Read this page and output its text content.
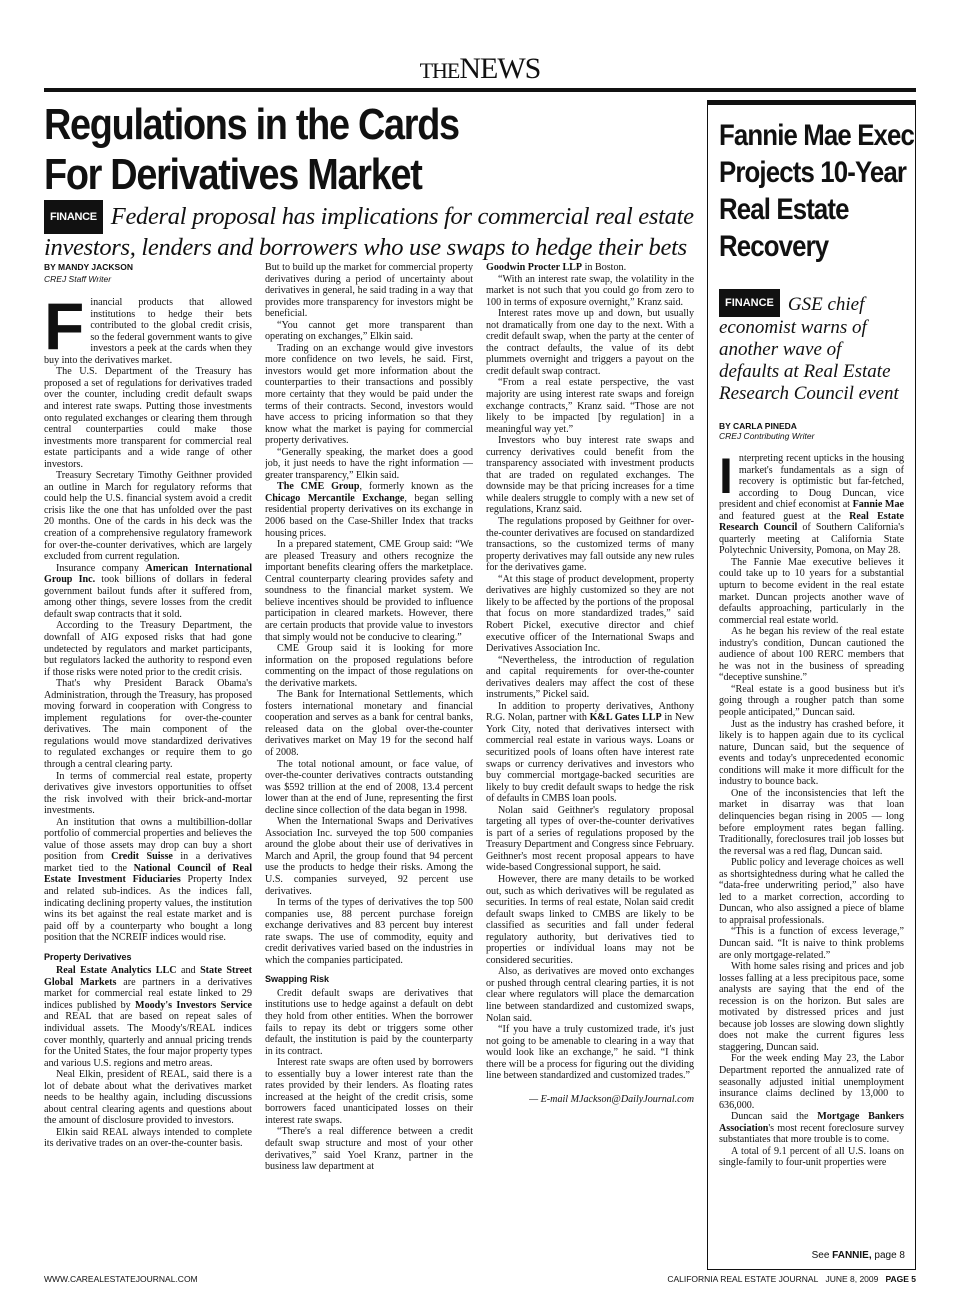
THENEWS
Regulations in the Cards
For Derivatives Market
FINANCE Federal proposal has implications for commercial real estate investors, lenders and borrowers who use swaps to hedge their bets
BY MANDY JACKSON
CREJ Staff Writer

Financial products that allowed institutions to hedge their bets contributed to the global credit crisis, so the federal government wants to give investors a peek at the cards when they buy into the derivatives market.

The U.S. Department of the Treasury has proposed a set of regulations for derivatives traded over the counter, including credit default swaps and interest rate swaps. Putting those investments onto regulated exchanges or clearing them through central counterparties could make those investments more transparent for commercial real estate participants and a wide range of other investors.

Treasury Secretary Timothy Geithner provided an outline in March for regulatory reforms that could help the U.S. financial system avoid a credit crisis like the one that has unfolded over the past 20 months. One of the cards in his deck was the creation of a comprehensive regulatory framework for over-the-counter derivatives, which are largely excluded from current regulation.

Insurance company American International Group Inc. took billions of dollars in federal government bailout funds after it suffered from, among other things, severe losses from the credit default swap contracts that it sold.

According to the Treasury Department, the downfall of AIG exposed risks that had gone undetected by regulators and market participants, but regulators lacked the authority to respond even if those risks were noted prior to the credit crisis.

That's why President Barack Obama's Administration, through the Treasury, has proposed moving forward in cooperation with Congress to implement regulations for over-the-counter derivatives. The main component of the regulations would move standardized derivatives to regulated exchanges or require them to go through a central clearing party.

In terms of commercial real estate, property derivatives give investors opportunities to offset the risk involved with their brick-and-mortar investments.

An institution that owns a multibillion-dollar portfolio of commercial properties and believes the value of those assets may drop can buy a short position from Credit Suisse in a derivatives market tied to the National Council of Real Estate Investment Fiduciaries Property Index and related sub-indices. As the indices fall, indicating declining property values, the institution wins its bet against the real estate market and is paid off by a counterparty who bought a long position that the NCREIF indices would rise.

Property Derivatives

Real Estate Analytics LLC and State Street Global Markets are partners in a derivatives market for commercial real estate linked to 29 indices published by Moody's Investors Service and REAL that are based on repeat sales of individual assets. The Moody's/REAL indices cover monthly, quarterly and annual pricing trends for the United States, the four major property types and various U.S. regions and metro areas.

Neal Elkin, president of REAL, said there is a lot of debate about what the derivatives market needs to be healthy again, including discussions about central clearing agents and questions about the amount of disclosure provided to investors.

Elkin said REAL always intended to complete its derivative trades on an over-the-counter basis.

But to build up the market for commercial property derivatives during a period of uncertainty about derivatives in general, he said trading in a way that provides more transparency for investors might be beneficial.

“You cannot get more transparent than operating on exchanges,” Elkin said.

Trading on an exchange would give investors more confidence on two levels, he said. First, investors would get more information about the counterparties to their transactions and possibly more certainty that they would be paid under the terms of their contracts. Second, investors would have access to pricing information so that they know what the market is paying for commercial property derivatives.

“Generally speaking, the market does a good job, it just needs to have the right information — greater transparency,” Elkin said.

The CME Group, formerly known as the Chicago Mercantile Exchange, began selling residential property derivatives on its exchange in 2006 based on the Case-Shiller Index that tracks housing prices.

In a prepared statement, CME Group said: “We are pleased Treasury and others recognize the important benefits clearing offers the marketplace. Central counterparty clearing provides safety and soundness to the financial market system. We believe incentives should be provided to influence participation in cleared markets. However, there are certain products that provide value to investors that simply would not be conducive to clearing.”

CME Group said it is looking for more information on the proposed regulations before commenting on the impact of those regulations on the derivative markets.

The Bank for International Settlements, which fosters international monetary and financial cooperation and serves as a bank for central banks, released data on the global over-the-counter derivatives market on May 19 for the second half of 2008.

The total notional amount, or face value, of over-the-counter derivatives contracts outstanding was $592 trillion at the end of 2008, 13.4 percent lower than at the end of June, representing the first decline since collection of the data began in 1998.

When the International Swaps and Derivatives Association Inc. surveyed the top 500 companies around the globe about their use of derivatives in March and April, the group found that 94 percent use the products to hedge their risks. Among the U.S. companies surveyed, 92 percent use derivatives.

In terms of the types of derivatives the top 500 companies use, 88 percent purchase foreign exchange derivatives and 83 percent buy interest rate swaps. The use of commodity, equity and credit derivatives varied based on the industries in which the companies participated.

Swapping Risk

Credit default swaps are derivatives that institutions use to hedge against a default on debt they hold from other entities. When the borrower fails to repay its debt or triggers some other default, the institution is paid by the counterparty in its contract.

Interest rate swaps are often used by borrowers to essentially buy a lower interest rate than the rates provided by their lenders. As floating rates increased at the height of the credit crisis, some borrowers faced unanticipated losses on their interest rate swaps.

“There's a real difference between a credit default swap structure and most of your other derivatives,” said Yoel Kranz, partner in the business law department at

Goodwin Procter LLP in Boston.

“With an interest rate swap, the volatility in the market is not such that you could go from zero to 100 in terms of exposure overnight,” Kranz said.

Interest rates move up and down, but usually not dramatically from one day to the next. With a credit default swap, when the party at the center of the contract defaults, the value of its debt plummets overnight and triggers a payout on the credit default swap contract.

“From a real estate perspective, the vast majority are using interest rate swaps and foreign exchange contracts,” Kranz said. “Those are not likely to be impacted [by regulation] in a meaningful way yet.”

Investors who buy interest rate swaps and currency derivatives could benefit from the transparency associated with investment products that are traded on regulated exchanges. The downside may be that pricing increases for a time while dealers struggle to comply with a new set of regulations, Kranz said.

The regulations proposed by Geithner for over-the-counter derivatives are focused on standardized transactions, so the customized terms of many property derivatives may fall outside any new rules for the derivatives game.

“At this stage of product development, property derivatives are highly customized so they are not likely to be affected by the portions of the proposal that focus on more standardized trades,” said Robert Pickel, executive director and chief executive officer of the International Swaps and Derivatives Association Inc.

“Nevertheless, the introduction of regulation and capital requirements for over-the-counter derivatives dealers may affect the cost of these instruments,” Pickel said.

In addition to property derivatives, Anthony R.G. Nolan, partner with K&L Gates LLP in New York City, noted that derivatives intersect with commercial real estate in various ways. Loans or securitized pools of loans often have interest rate swaps or currency derivatives and investors who buy commercial mortgage-backed securities are likely to buy credit default swaps to hedge the risk of defaults in CMBS loan pools.

Nolan said Geithner's regulatory proposal targeting all types of over-the-counter derivatives is part of a series of regulations proposed by the Treasury Department and Congress since February. Geithner's most recent proposal appears to have wide-based Congressional support, he said.

However, there are many details to be worked out, such as which derivatives will be regulated as securities. In terms of real estate, Nolan said credit default swaps linked to CMBS are likely to be classified as securities and fall under federal regulatory authority, but derivatives tied to properties or individual loans may not be considered securities.

Also, as derivatives are moved onto exchanges or pushed through central clearing parties, it is not clear where regulators will place the demarcation line between standardized and customized swaps, Nolan said.

“If you have a truly customized trade, it's just not going to be amenable to clearing in a way that would look like an exchange,” he said. “I think there will be a process for figuring out the dividing line between standardized and customized trades.”

— E-mail MJackson@DailyJournal.com
Fannie Mae Exec Projects 10-Year Real Estate Recovery
FINANCE GSE chief economist warns of another wave of defaults at Real Estate Research Council event
BY CARLA PINEDA
CREJ Contributing Writer

Interpreting recent upticks in the housing market's fundamentals as a sign of recovery is optimistic but far-fetched, according to Doug Duncan, vice president and chief economist at Fannie Mae and featured guest at the Real Estate Research Council of Southern California's quarterly meeting at California State Polytechnic University, Pomona, on May 28.

The Fannie Mae executive believes it could take up to 10 years for a substantial upturn to become evident in the real estate market. Duncan projects another wave of defaults approaching, particularly in the commercial real estate world.

As he began his review of the real estate industry's condition, Duncan cautioned the audience of about 100 RERC members that he was not in the business of spreading “deceptive sunshine.”

“Real estate is a good business but it's going through a rougher patch than some people anticipated,” Duncan said.

Just as the industry has crashed before, it likely is to happen again due to its cyclical nature, Duncan said, but the sequence of events and today's unprecedented economic conditions will make it more difficult for the industry to bounce back.

One of the inconsistencies that left the market in disarray was that loan delinquencies began rising in 2005 — long before employment rates began falling. Traditionally, foreclosures trail job losses but the reversal was a red flag, Duncan said.

Public policy and leverage choices as well as shortsightedness during what he called the “data-free underwriting period,” also have led to a market correction, according to Duncan, who also assigned a piece of blame to appraisal professionals.

“This is a function of excess leverage,” Duncan said. “It is naive to think problems are only mortgage-related.”

With home sales rising and prices and job losses falling at a less precipitous pace, some analysts are saying that the end of the recession is on the horizon. But sales are motivated by distressed prices and just because job losses are slowing down slightly does not make the current figures less staggering, Duncan said.

For the week ending May 23, the Labor Department reported the annualized rate of seasonally adjusted initial unemployment insurance claims declined by 13,000 to 636,000.

Duncan said the Mortgage Bankers Association's most recent foreclosure survey substantiates that more trouble is to come.

A total of 9.1 percent of all U.S. loans on single-family to four-unit properties were

See FANNIE, page 8
WWW.CAREALESTATEJOURNAL.COM	CALIFORNIA REAL ESTATE JOURNAL JUNE 8, 2009 PAGE 5
